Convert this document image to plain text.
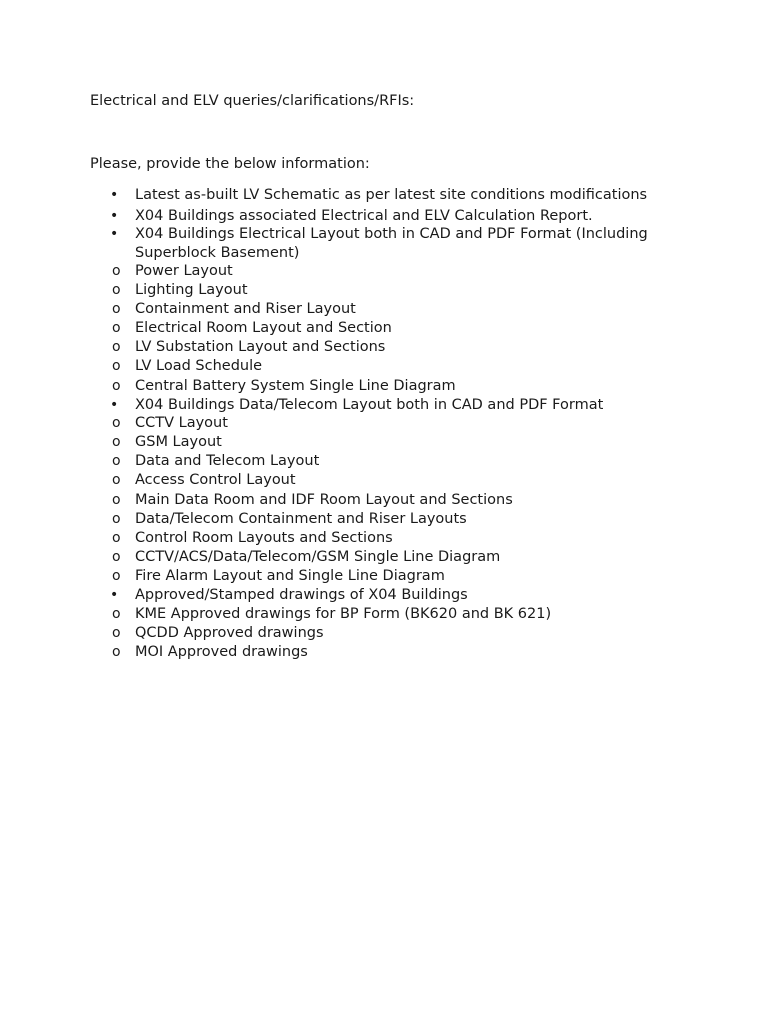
Electrical and ELV queries/clarifications/RFIs:
Please, provide the below information:
• Latest as-built LV Schematic as per latest site conditions modifications
• X04 Buildings associated Electrical and ELV Calculation Report.
• X04 Buildings Electrical Layout both in CAD and PDF Format (Including Superblock Basement)
o Power Layout
o Lighting Layout
o Containment and Riser Layout
o Electrical Room Layout and Section
o LV Substation Layout and Sections
o LV Load Schedule
o Central Battery System Single Line Diagram
• X04 Buildings Data/Telecom Layout both in CAD and PDF Format
o CCTV Layout
o GSM Layout
o Data and Telecom Layout
o Access Control Layout
o Main Data Room and IDF Room Layout and Sections
o Data/Telecom Containment and Riser Layouts
o Control Room Layouts and Sections
o CCTV/ACS/Data/Telecom/GSM Single Line Diagram
o Fire Alarm Layout and Single Line Diagram
• Approved/Stamped drawings of X04 Buildings
o KME Approved drawings for BP Form (BK620 and BK 621)
o QCDD Approved drawings
o MOI Approved drawings
